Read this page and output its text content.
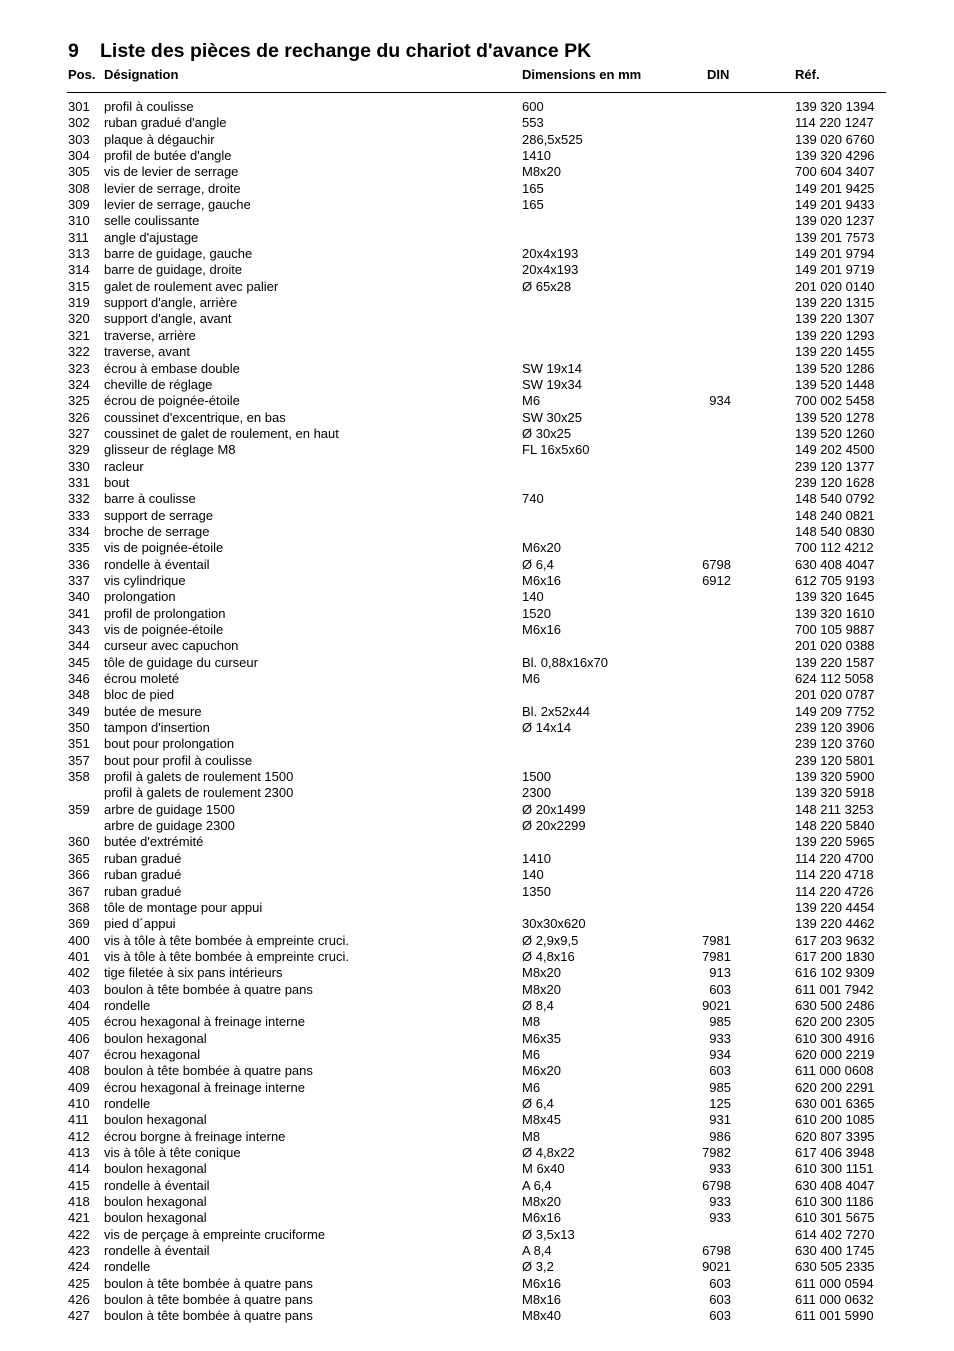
9 Liste des pièces de rechange du chariot d'avance PK
Pos. Désignation	Dimensions en mm	DIN	Réf.
301 profil à coulisse	600	139 320 1394
302 ruban gradué d'angle	553	114 220 1247
303 plaque à dégauchir	286,5x525	139 020 6760
304 profil de butée d'angle	1410	139 320 4296
305 vis de levier de serrage	M8x20	700 604 3407
308 levier de serrage, droite	165	149 201 9425
309 levier de serrage, gauche	165	149 201 9433
310 selle coulissante	139 020 1237
311 angle d'ajustage	139 201 7573
313 barre de guidage, gauche	20x4x193	149 201 9794
314 barre de guidage, droite	20x4x193	149 201 9719
315 galet de roulement avec palier	Ø 65x28	201 020 0140
319 support d'angle, arrière	139 220 1315
320 support d'angle, avant	139 220 1307
321 traverse, arrière	139 220 1293
322 traverse, avant	139 220 1455
323 écrou à embase double	SW 19x14	139 520 1286
324 cheville de réglage	SW 19x34	139 520 1448
325 écrou de poignée-étoile	M6	934	700 002 5458
326 coussinet d'excentrique, en bas	SW 30x25	139 520 1278
327 coussinet de galet de roulement, en haut	Ø 30x25	139 520 1260
329 glisseur de réglage M8	FL 16x5x60	149 202 4500
330 racleur	239 120 1377
331 bout	239 120 1628
332 barre à coulisse	740	148 540 0792
333 support de serrage	148 240 0821
334 broche de serrage	148 540 0830
335 vis de poignée-étoile	M6x20	700 112 4212
336 rondelle à éventail	Ø 6,4	6798	630 408 4047
337 vis cylindrique	M6x16	6912	612 705 9193
340 prolongation	140	139 320 1645
341 profil de prolongation	1520	139 320 1610
343 vis de poignée-étoile	M6x16	700 105 9887
344 curseur avec capuchon	201 020 0388
345 tôle de guidage du curseur	Bl. 0,88x16x70	139 220 1587
346 écrou moleté	M6	624 112 5058
348 bloc de pied	201 020 0787
349 butée de mesure	Bl. 2x52x44	149 209 7752
350 tampon d'insertion	Ø 14x14	239 120 3906
351 bout pour prolongation	239 120 3760
357 bout pour profil à coulisse	239 120 5801
358 profil à galets de roulement 1500	1500	139 320 5900
profil à galets de roulement 2300	2300	139 320 5918
359 arbre de guidage 1500	Ø 20x1499	148 211 3253
arbre de guidage 2300	Ø 20x2299	148 220 5840
360 butée d'extrémité	139 220 5965
365 ruban gradué	1410	114 220 4700
366 ruban gradué	140	114 220 4718
367 ruban gradué	1350	114 220 4726
368 tôle de montage pour appui	139 220 4454
369 pied d´appui	30x30x620	139 220 4462
400 vis à tôle à tête bombée à empreinte cruci.	Ø 2,9x9,5	7981	617 203 9632
401 vis à tôle à tête bombée à empreinte cruci.	Ø 4,8x16	7981	617 200 1830
402 tige filetée à six pans intérieurs	M8x20	913	616 102 9309
403 boulon à tête bombée à quatre pans	M8x20	603	611 001 7942
404 rondelle	Ø 8,4	9021	630 500 2486
405 écrou hexagonal à freinage interne	M8	985	620 200 2305
406 boulon hexagonal	M6x35	933	610 300 4916
407 écrou hexagonal	M6	934	620 000 2219
408 boulon à tête bombée à quatre pans	M6x20	603	611 000 0608
409 écrou hexagonal à freinage interne	M6	985	620 200 2291
410 rondelle	Ø 6,4	125	630 001 6365
411 boulon hexagonal	M8x45	931	610 200 1085
412 écrou borgne à freinage interne	M8	986	620 807 3395
413 vis à tôle à tête conique	Ø 4,8x22	7982	617 406 3948
414 boulon hexagonal	M 6x40	933	610 300 1151
415 rondelle à éventail	A 6,4	6798	630 408 4047
418 boulon hexagonal	M8x20	933	610 300 1186
421 boulon hexagonal	M6x16	933	610 301 5675
422 vis de perçage à empreinte cruciforme	Ø 3,5x13	614 402 7270
423 rondelle à éventail	A 8,4	6798	630 400 1745
424 rondelle	Ø 3,2	9021	630 505 2335
425 boulon à tête bombée à quatre pans	M6x16	603	611 000 0594
426 boulon à tête bombée à quatre pans	M8x16	603	611 000 0632
427 boulon à tête bombée à quatre pans	M8x40	603	611 001 5990
